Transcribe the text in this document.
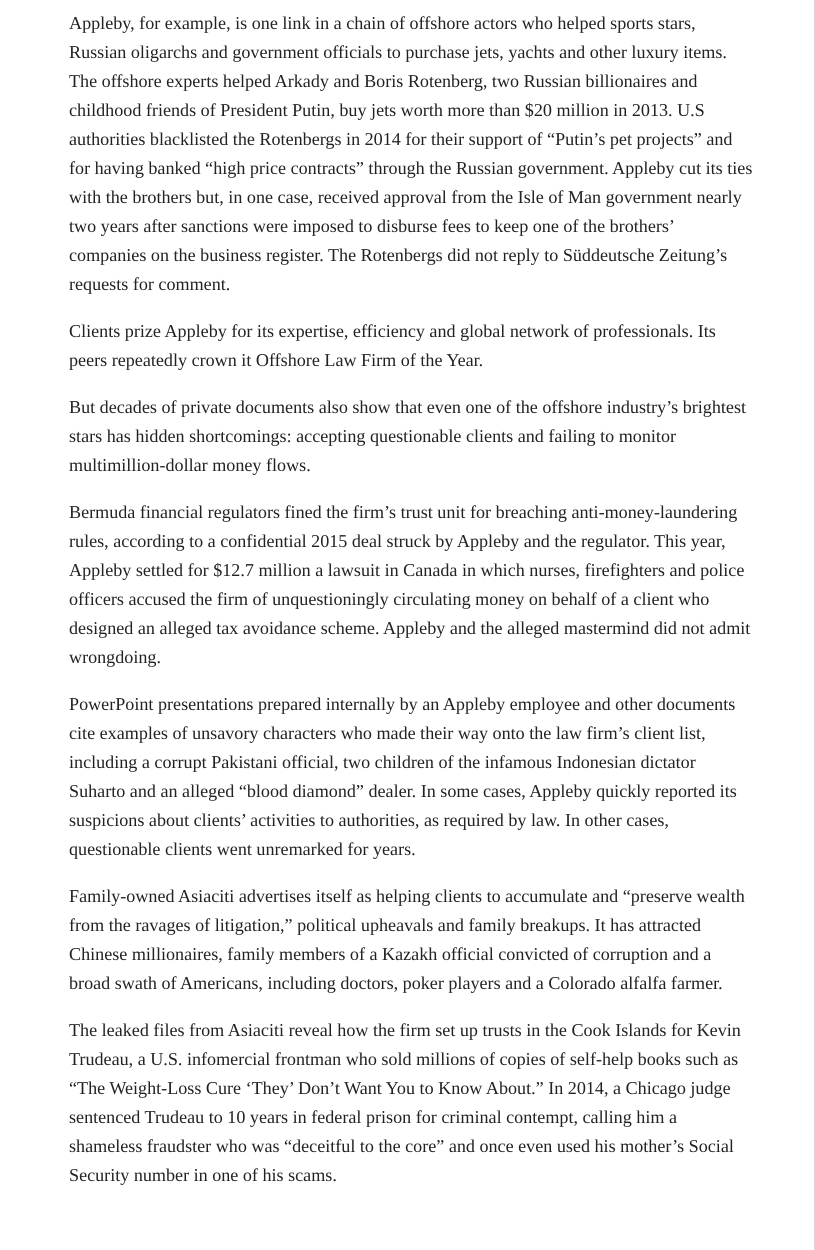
Appleby, for example, is one link in a chain of offshore actors who helped sports stars, Russian oligarchs and government officials to purchase jets, yachts and other luxury items. The offshore experts helped Arkady and Boris Rotenberg, two Russian billionaires and childhood friends of President Putin, buy jets worth more than $20 million in 2013. U.S authorities blacklisted the Rotenbergs in 2014 for their support of “Putin’s pet projects” and for having banked “high price contracts” through the Russian government. Appleby cut its ties with the brothers but, in one case, received approval from the Isle of Man government nearly two years after sanctions were imposed to disburse fees to keep one of the brothers’ companies on the business register. The Rotenbergs did not reply to Süddeutsche Zeitung’s requests for comment.

Clients prize Appleby for its expertise, efficiency and global network of professionals. Its peers repeatedly crown it Offshore Law Firm of the Year.

But decades of private documents also show that even one of the offshore industry’s brightest stars has hidden shortcomings: accepting questionable clients and failing to monitor multimillion-dollar money flows.

Bermuda financial regulators fined the firm’s trust unit for breaching anti-money-laundering rules, according to a confidential 2015 deal struck by Appleby and the regulator. This year, Appleby settled for $12.7 million a lawsuit in Canada in which nurses, firefighters and police officers accused the firm of unquestioningly circulating money on behalf of a client who designed an alleged tax avoidance scheme. Appleby and the alleged mastermind did not admit wrongdoing.

PowerPoint presentations prepared internally by an Appleby employee and other documents cite examples of unsavory characters who made their way onto the law firm’s client list, including a corrupt Pakistani official, two children of the infamous Indonesian dictator Suharto and an alleged “blood diamond” dealer. In some cases, Appleby quickly reported its suspicions about clients’ activities to authorities, as required by law. In other cases, questionable clients went unremarked for years.

Family-owned Asiaciti advertises itself as helping clients to accumulate and “preserve wealth from the ravages of litigation,” political upheavals and family breakups. It has attracted Chinese millionaires, family members of a Kazakh official convicted of corruption and a broad swath of Americans, including doctors, poker players and a Colorado alfalfa farmer.

The leaked files from Asiaciti reveal how the firm set up trusts in the Cook Islands for Kevin Trudeau, a U.S. infomercial frontman who sold millions of copies of self-help books such as “The Weight-Loss Cure ‘They’ Don’t Want You to Know About.” In 2014, a Chicago judge sentenced Trudeau to 10 years in federal prison for criminal contempt, calling him a shameless fraudster who was “deceitful to the core” and once even used his mother’s Social Security number in one of his scams.
